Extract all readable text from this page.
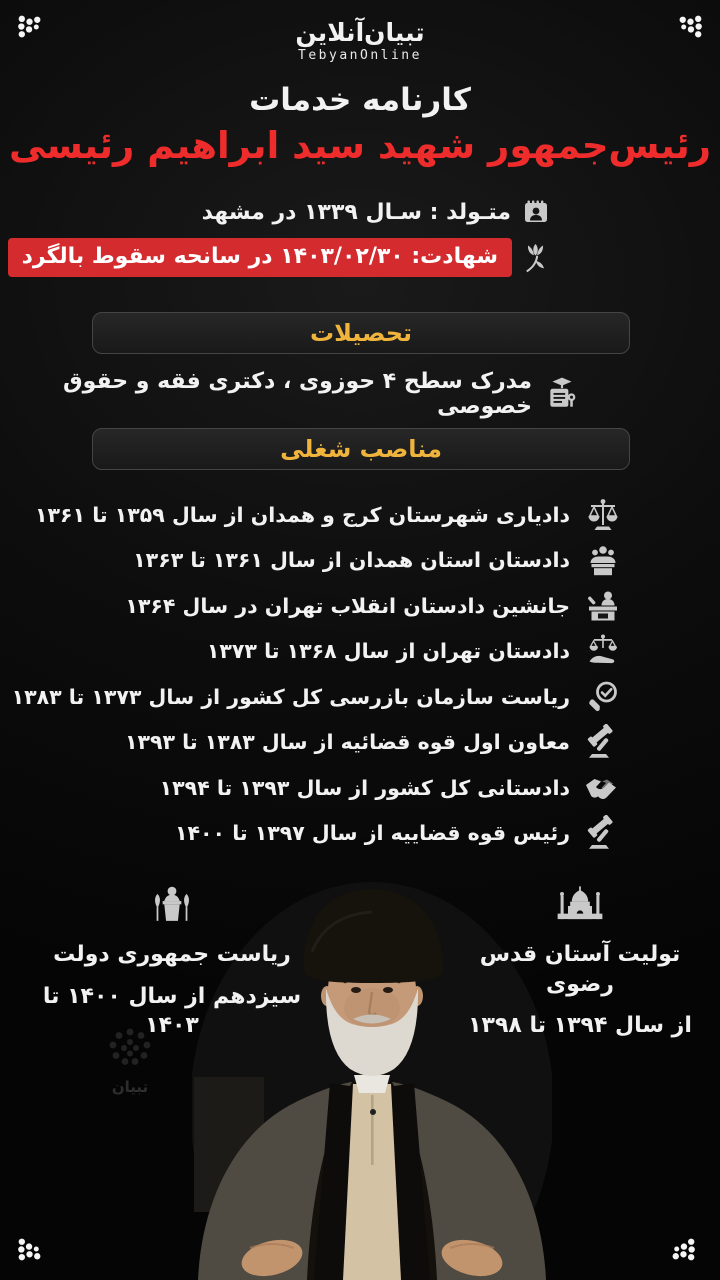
تبیان‌آنلاین
TebyanOnline
کارنامه خدمات
رئیس‌جمهور شهید سید ابراهیم رئیسی
متـولد : سـال ۱۳۳۹ در مشهد
شهادت: ۱۴۰۳/۰۲/۳۰ در سانحه سقوط بالگرد
تحصیلات
مدرک سطح ۴ حوزوی ، دکتری فقه و حقوق خصوصی
مناصب شغلی
دادیاری شهرستان کرج و همدان از سال ۱۳۵۹ تا ۱۳۶۱
دادستان استان همدان از سال ۱۳۶۱ تا ۱۳۶۳
جانشین دادستان انقلاب تهران در سال ۱۳۶۴
دادستان تهران از سال ۱۳۶۸ تا ۱۳۷۳
ریاست سازمان بازرسی کل کشور از سال ۱۳۷۳ تا ۱۳۸۳
معاون اول قوه قضائیه از سال ۱۳۸۳ تا ۱۳۹۳
دادستانی کل کشور از سال ۱۳۹۳ تا ۱۳۹۴
رئیس قوه قضاییه از سال ۱۳۹۷ تا ۱۴۰۰
تولیت آستان قدس رضوی
از سال ۱۳۹۴ تا ۱۳۹۸
ریاست جمهوری دولت
سیزدهم از سال ۱۴۰۰ تا ۱۴۰۳
تبیان
